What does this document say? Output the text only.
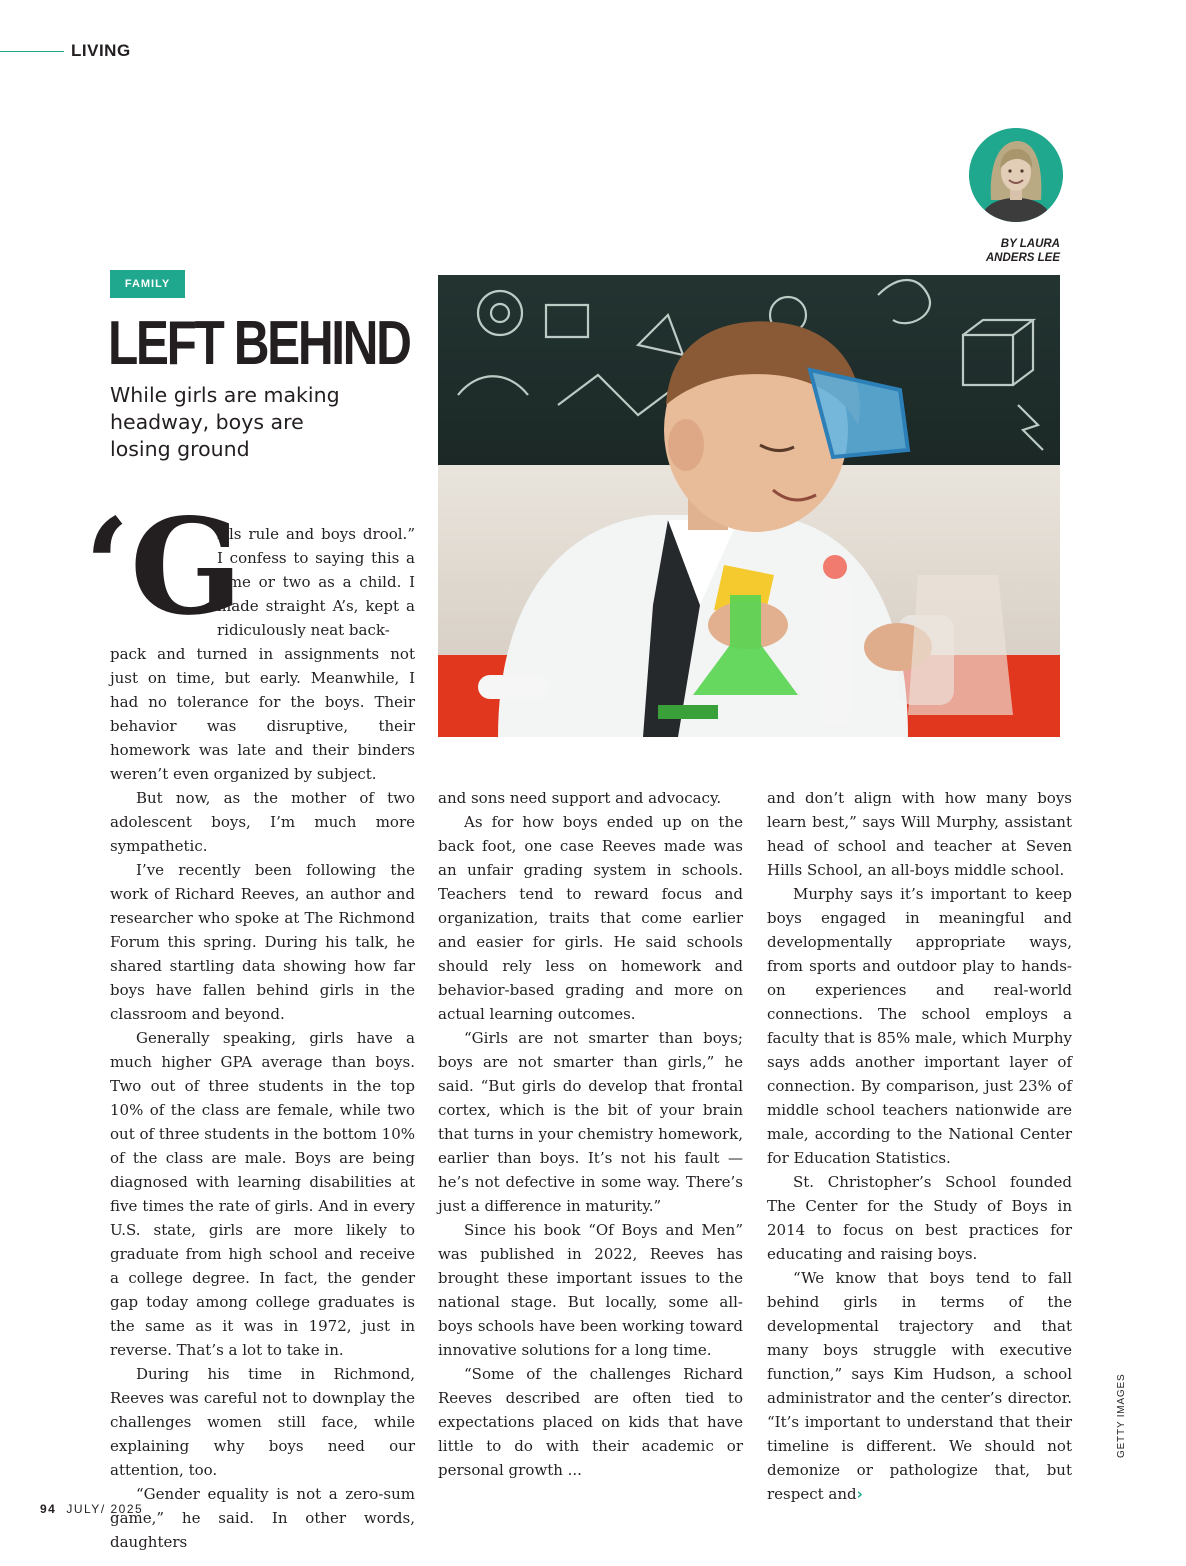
LIVING
BY LAURA
ANDERS LEE
FAMILY
LEFT BEHIND

While girls are making
headway, boys are
losing ground

‘G

irls rule and boys drool.” I confess to saying this a time or two as a child. I made straight A’s, kept a ridiculously neat back-

pack and turned in assignments not just on time, but early. Meanwhile, I had no tolerance for the boys. Their behavior was disruptive, their homework was late and their binders weren’t even organized by subject.

But now, as the mother of two adolescent boys, I’m much more sympathetic.

I’ve recently been following the work of Richard Reeves, an author and researcher who spoke at The Richmond Forum this spring. During his talk, he shared startling data showing how far boys have fallen behind girls in the classroom and beyond.

Generally speaking, girls have a much higher GPA average than boys. Two out of three students in the top 10% of the class are female, while two out of three students in the bottom 10% of the class are male. Boys are being diagnosed with learning disabilities at five times the rate of girls. And in every U.S. state, girls are more likely to graduate from high school and receive a college degree. In fact, the gender gap today among college graduates is the same as it was in 1972, just in reverse. That’s a lot to take in.

During his time in Richmond, Reeves was careful not to downplay the challenges women still face, while explaining why boys need our attention, too.

“Gender equality is not a zero-sum game,” he said. In other words, daughters

and sons need support and advocacy.

As for how boys ended up on the back foot, one case Reeves made was an unfair grading system in schools. Teachers tend to reward focus and organization, traits that come earlier and easier for girls. He said schools should rely less on homework and behavior-based grading and more on actual learning outcomes.

“Girls are not smarter than boys; boys are not smarter than girls,” he said. “But girls do develop that frontal cortex, which is the bit of your brain that turns in your chemistry homework, earlier than boys. It’s not his fault — he’s not defective in some way. There’s just a difference in maturity.”

Since his book “Of Boys and Men” was published in 2022, Reeves has brought these important issues to the national stage. But locally, some all-boys schools have been working toward innovative solutions for a long time.

“Some of the challenges Richard Reeves described are often tied to expectations placed on kids that have little to do with their academic or personal growth ...

and don’t align with how many boys learn best,” says Will Murphy, assistant head of school and teacher at Seven Hills School, an all-boys middle school.

Murphy says it’s important to keep boys engaged in meaningful and developmentally appropriate ways, from sports and outdoor play to hands-on experiences and real-world connections. The school employs a faculty that is 85% male, which Murphy says adds another important layer of connection. By comparison, just 23% of middle school teachers nationwide are male, according to the National Center for Education Statistics.

St. Christopher’s School founded The Center for the Study of Boys in 2014 to focus on best practices for educating and raising boys.

“We know that boys tend to fall behind girls in terms of the developmental trajectory and that many boys struggle with executive function,” says Kim Hudson, a school administrator and the center’s director. “It’s important to understand that their timeline is different. We should not demonize or pathologize that, but respect and›

GETTY IMAGES
94 JULY/ 2025
